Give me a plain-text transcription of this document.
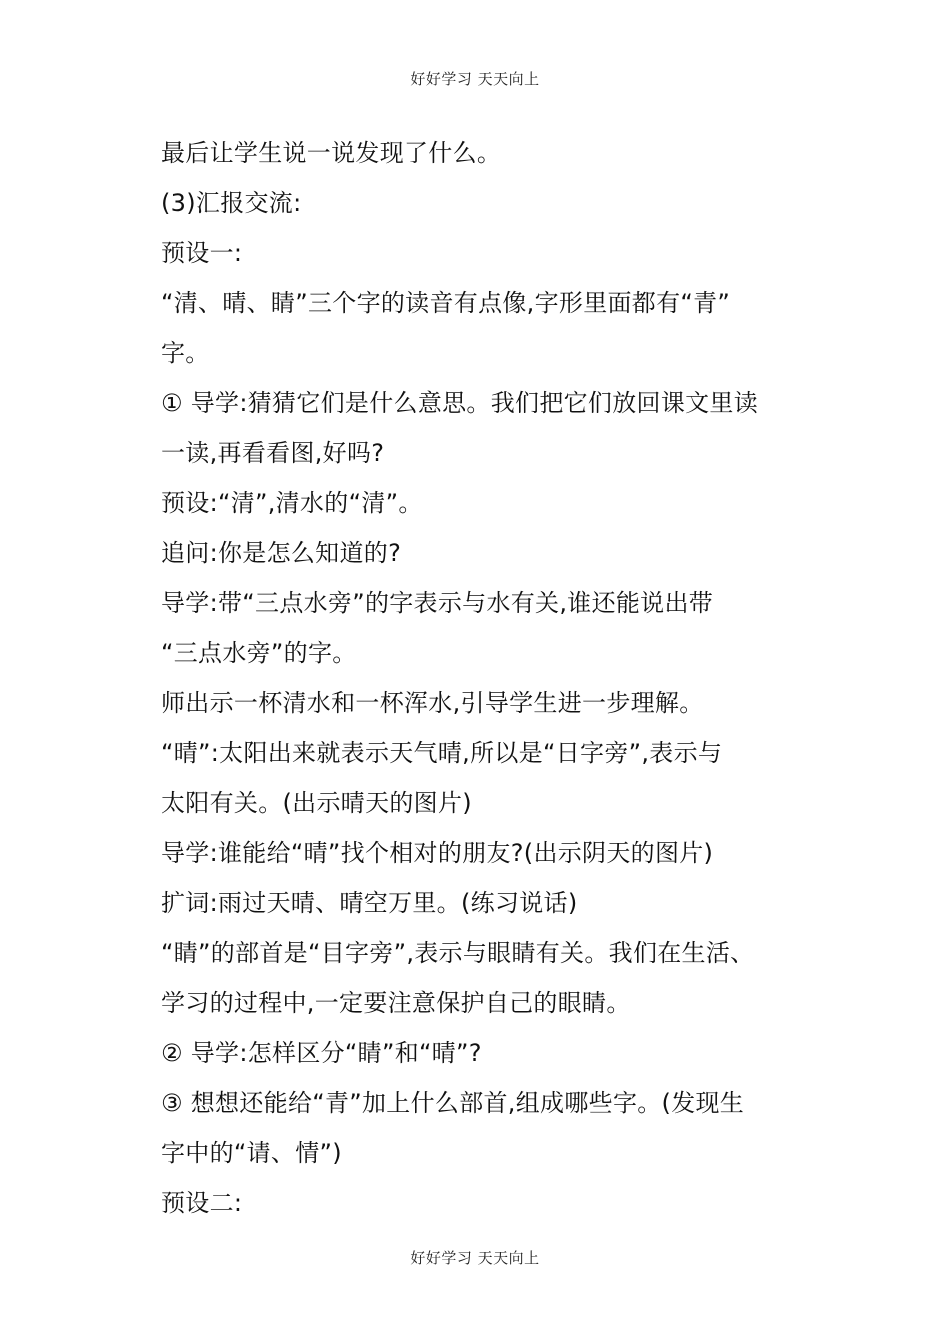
好好学习 天天向上
最后让学生说一说发现了什么。
(3)汇报交流:
预设一:
“清、晴、睛”三个字的读音有点像,字形里面都有“青”
字。
① 导学:猜猜它们是什么意思。我们把它们放回课文里读
一读,再看看图,好吗?
预设:“清”,清水的“清”。
追问:你是怎么知道的?
导学:带“三点水旁”的字表示与水有关,谁还能说出带
“三点水旁”的字。
师出示一杯清水和一杯浑水,引导学生进一步理解。
“晴”:太阳出来就表示天气晴,所以是“日字旁”,表示与
太阳有关。(出示晴天的图片)
导学:谁能给“晴”找个相对的朋友?(出示阴天的图片)
扩词:雨过天晴、晴空万里。(练习说话)
“睛”的部首是“目字旁”,表示与眼睛有关。我们在生活、
学习的过程中,一定要注意保护自己的眼睛。
② 导学:怎样区分“睛”和“晴”?
③ 想想还能给“青”加上什么部首,组成哪些字。(发现生
字中的“请、情”)
预设二:
好好学习 天天向上
